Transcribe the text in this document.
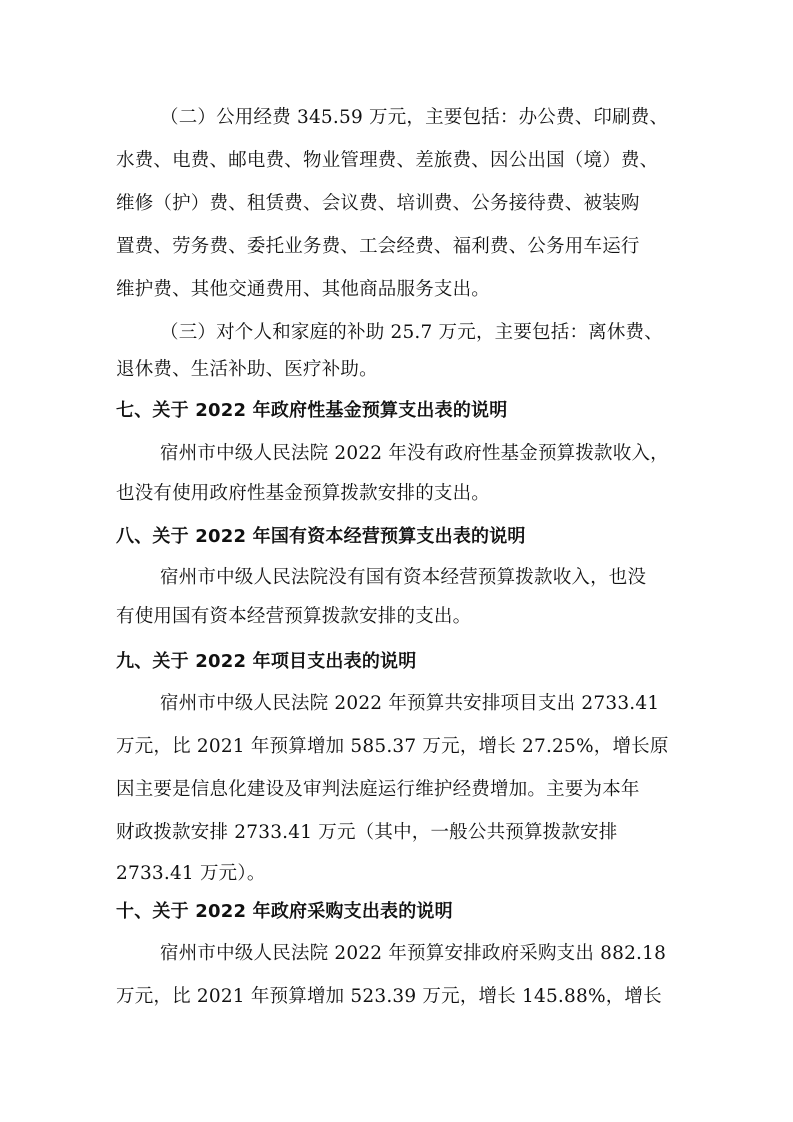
（二）公用经费 345.59 万元，主要包括：办公费、印刷费、
水费、电费、邮电费、物业管理费、差旅费、因公出国（境）费、
维修（护）费、租赁费、会议费、培训费、公务接待费、被装购
置费、劳务费、委托业务费、工会经费、福利费、公务用车运行
维护费、其他交通费用、其他商品服务支出。
（三）对个人和家庭的补助 25.7 万元，主要包括：离休费、
退休费、生活补助、医疗补助。
七、关于 2022 年政府性基金预算支出表的说明
宿州市中级人民法院 2022 年没有政府性基金预算拨款收入，
也没有使用政府性基金预算拨款安排的支出。
八、关于 2022 年国有资本经营预算支出表的说明
宿州市中级人民法院没有国有资本经营预算拨款收入，也没
有使用国有资本经营预算拨款安排的支出。
九、关于 2022 年项目支出表的说明
宿州市中级人民法院 2022 年预算共安排项目支出 2733.41
万元，比 2021 年预算增加 585.37 万元，增长 27.25%，增长原
因主要是信息化建设及审判法庭运行维护经费增加。主要为本年
财政拨款安排 2733.41 万元（其中，一般公共预算拨款安排
2733.41 万元）。
十、关于 2022 年政府采购支出表的说明
宿州市中级人民法院 2022 年预算安排政府采购支出 882.18
万元，比 2021 年预算增加 523.39 万元，增长 145.88%，增长
